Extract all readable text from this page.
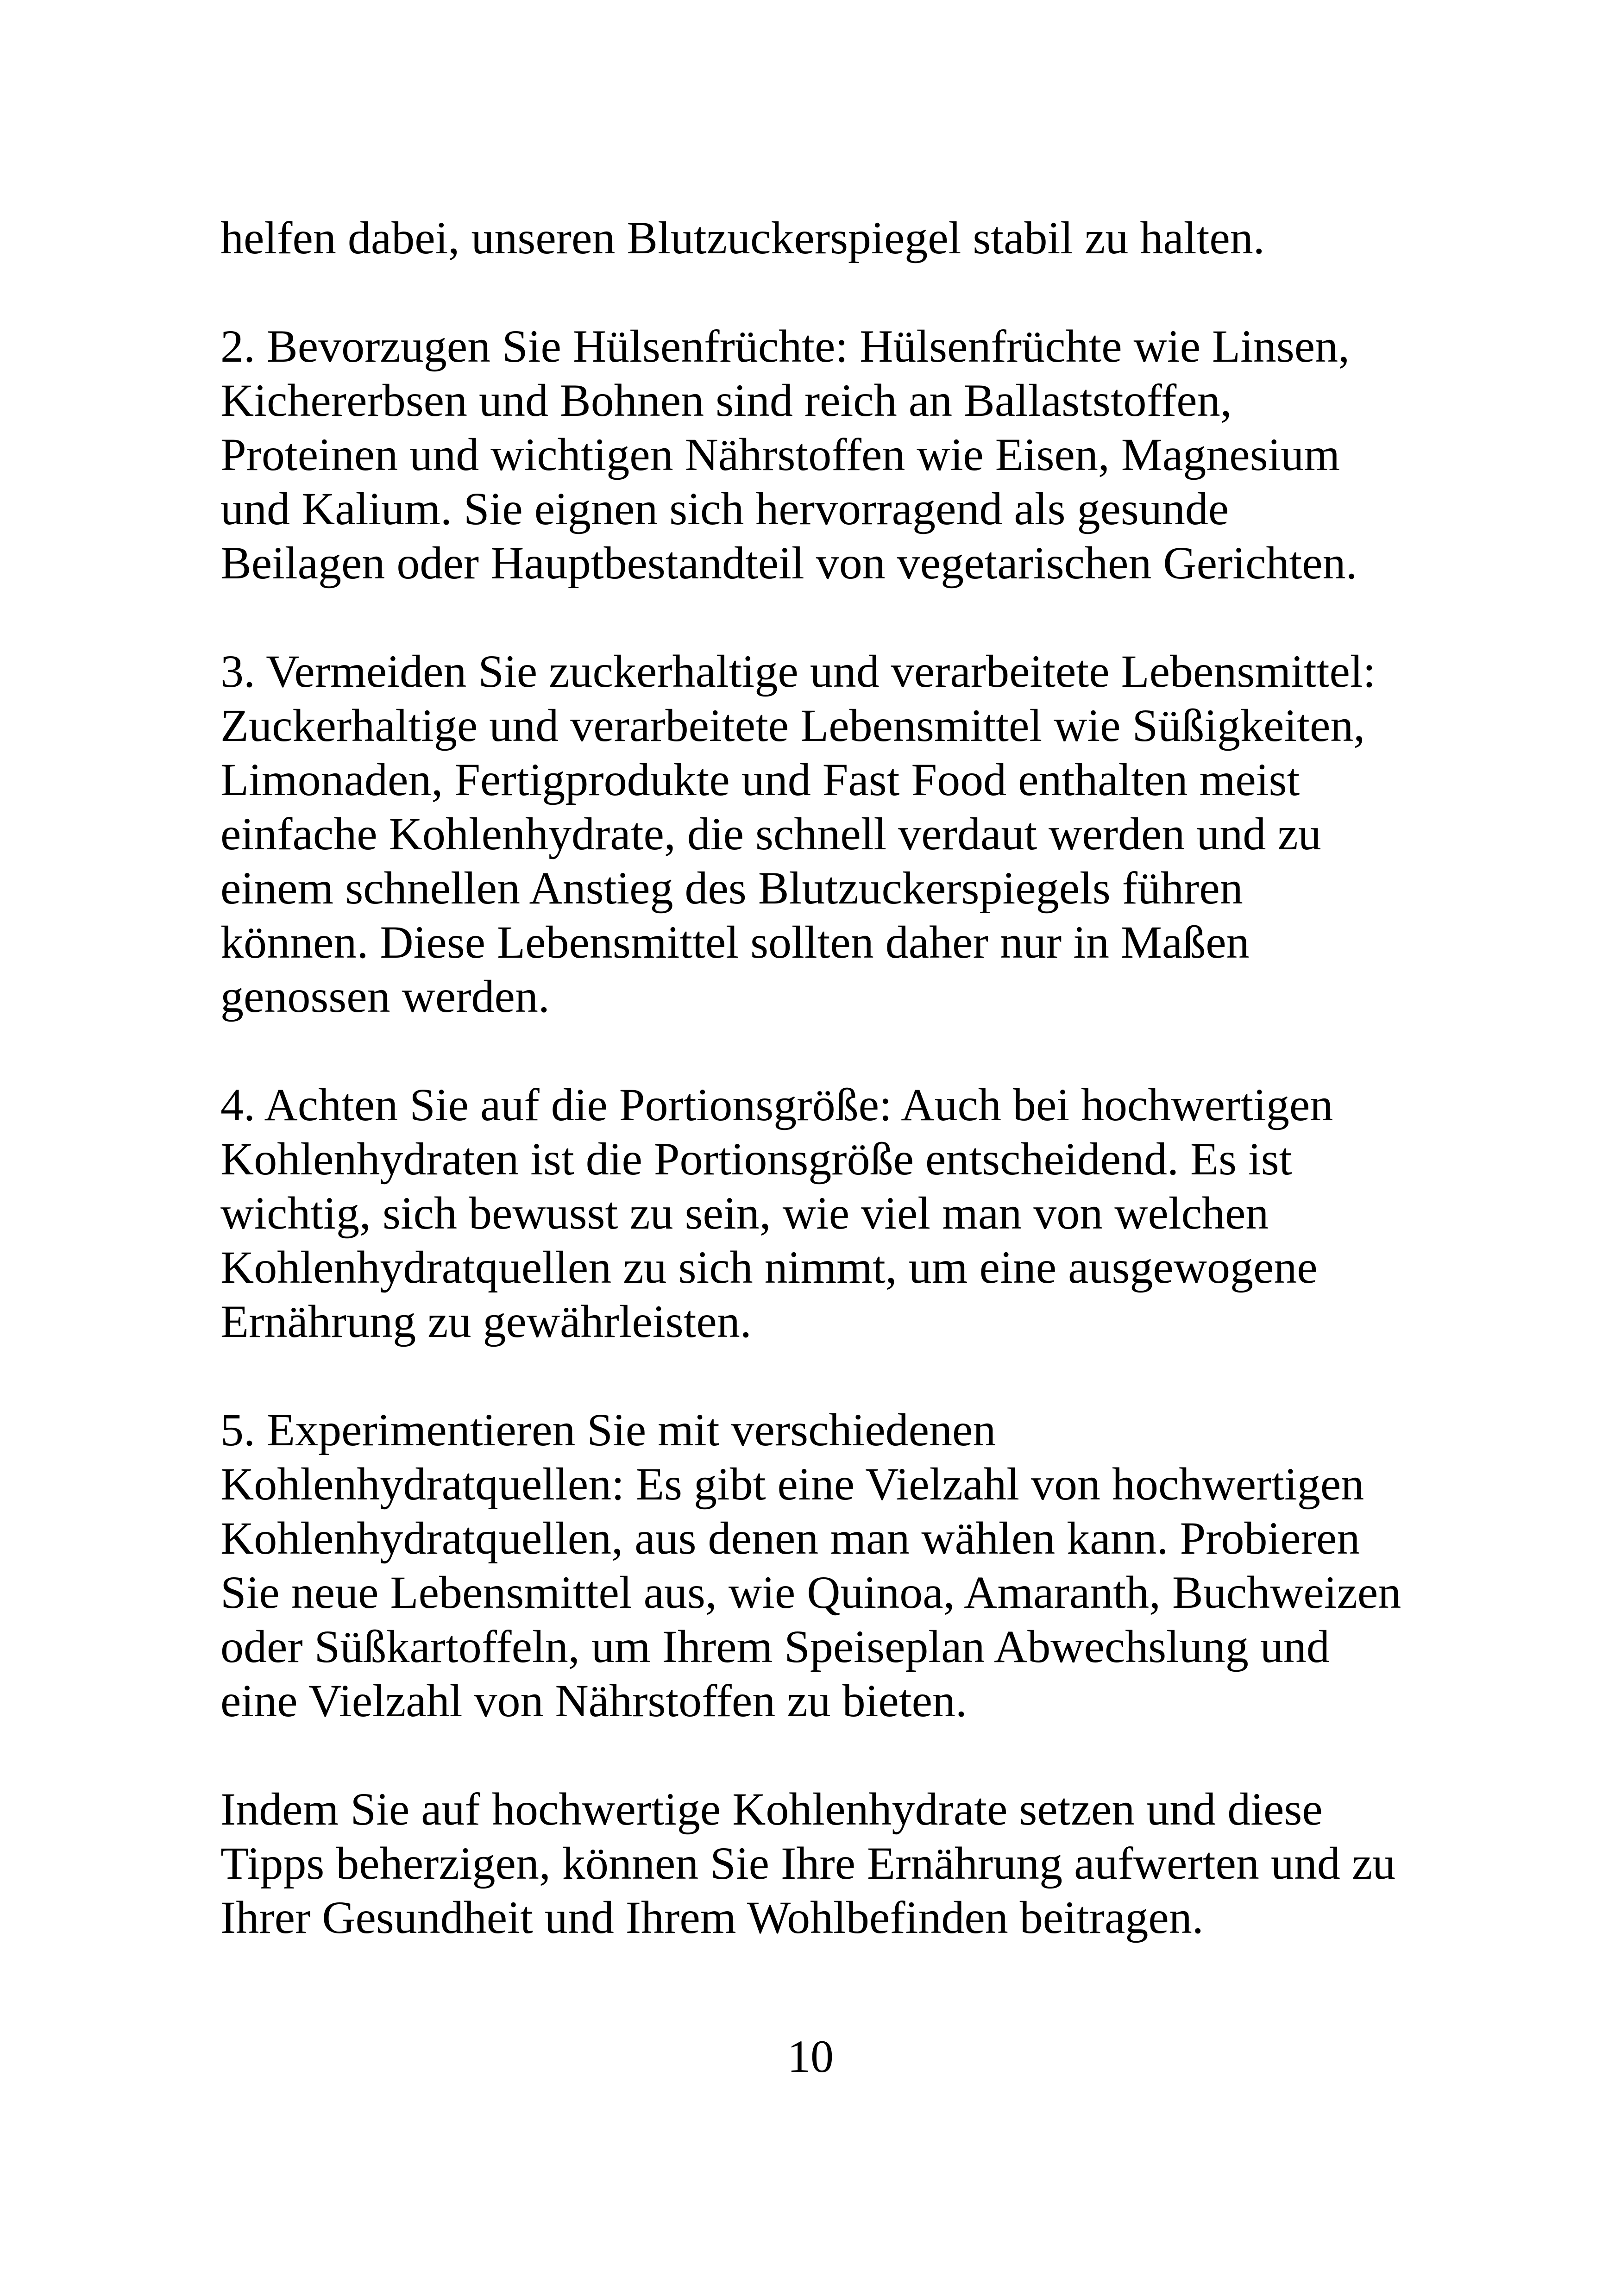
helfen dabei, unseren Blutzuckerspiegel stabil zu halten.

2. Bevorzugen Sie Hülsenfrüchte: Hülsenfrüchte wie Linsen,
Kichererbsen und Bohnen sind reich an Ballaststoffen,
Proteinen und wichtigen Nährstoffen wie Eisen, Magnesium
und Kalium. Sie eignen sich hervorragend als gesunde
Beilagen oder Hauptbestandteil von vegetarischen Gerichten.

3. Vermeiden Sie zuckerhaltige und verarbeitete Lebensmittel:
Zuckerhaltige und verarbeitete Lebensmittel wie Süßigkeiten,
Limonaden, Fertigprodukte und Fast Food enthalten meist
einfache Kohlenhydrate, die schnell verdaut werden und zu
einem schnellen Anstieg des Blutzuckerspiegels führen
können. Diese Lebensmittel sollten daher nur in Maßen
genossen werden.

4. Achten Sie auf die Portionsgröße: Auch bei hochwertigen
Kohlenhydraten ist die Portionsgröße entscheidend. Es ist
wichtig, sich bewusst zu sein, wie viel man von welchen
Kohlenhydratquellen zu sich nimmt, um eine ausgewogene
Ernährung zu gewährleisten.

5. Experimentieren Sie mit verschiedenen
Kohlenhydratquellen: Es gibt eine Vielzahl von hochwertigen
Kohlenhydratquellen, aus denen man wählen kann. Probieren
Sie neue Lebensmittel aus, wie Quinoa, Amaranth, Buchweizen
oder Süßkartoffeln, um Ihrem Speiseplan Abwechslung und
eine Vielzahl von Nährstoffen zu bieten.

Indem Sie auf hochwertige Kohlenhydrate setzen und diese
Tipps beherzigen, können Sie Ihre Ernährung aufwerten und zu
Ihrer Gesundheit und Ihrem Wohlbefinden beitragen.

10
